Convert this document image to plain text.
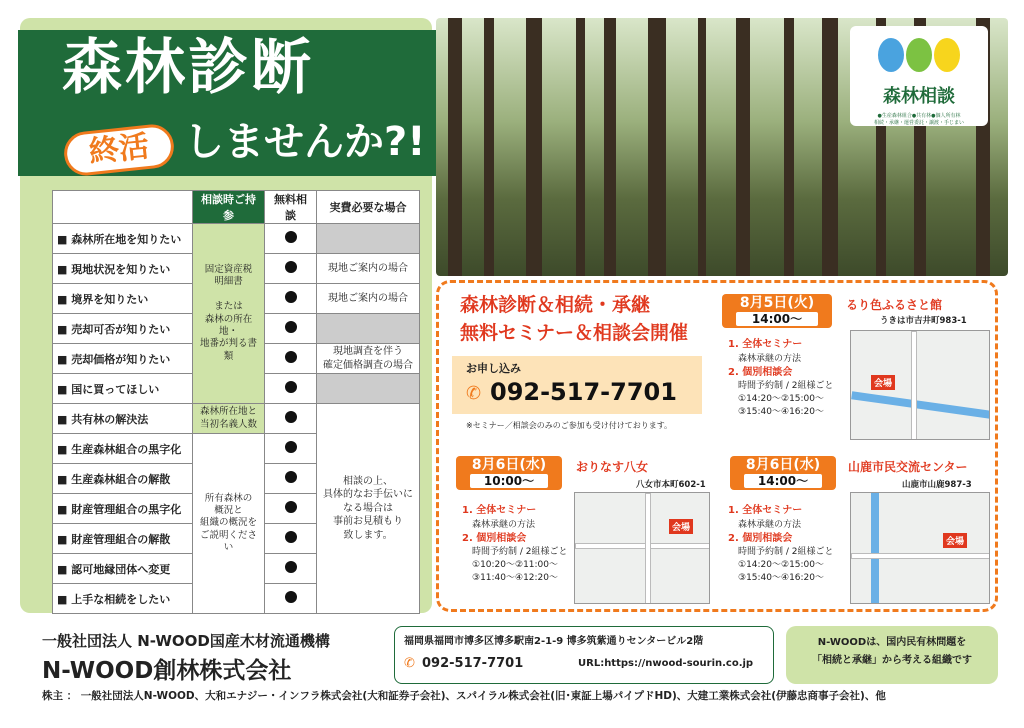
森林診断
終活 しませんか?!
	相談時ご持参	無料相談	実費必要な場合
■ 森林所在地を知りたい	固定資産税
明細書

または
森林の所在地・
地番が判る書類		
■ 現地状況を知りたい			現地ご案内の場合
■ 境界を知りたい			現地ご案内の場合
■ 売却可否が知りたい			
■ 売却価格が知りたい			現地調査を伴う
確定価格調査の場合
■ 国に買ってほしい			
■ 共有林の解決法	森林所在地と
当初名義人数		相談の上、
具体的なお手伝いに
なる場合は
事前お見積もり
致します。
■ 生産森林組合の黒字化	所有森林の
概況と
組織の概況を
ご説明ください		
■ 生産森林組合の解散			
■ 財産管理組合の黒字化			
■ 財産管理組合の解散			
■ 認可地縁団体へ変更			
■ 上手な相続をしたい			
森林相談
●生産森林組合●共有林●個人所有林
相続・承継・運営委託・譲渡・手じまい
森林診断＆相続・承継
無料セミナー＆相談会開催
お申し込み
✆ 092-517-7701
※セミナー／相談会のみのご参加も受け付けております。
8月5日(火)
14:00〜
るり色ふるさと館
うきは市吉井町983-1
1. 全体セミナー
森林承継の方法
2. 個別相談会
時間予約制 / 2組様ごと
①14:20〜②15:00〜
③15:40〜④16:20〜
会場
8月6日(水)
10:00〜
おりなす八女
八女市本町602-1
1. 全体セミナー
森林承継の方法
2. 個別相談会
時間予約制 / 2組様ごと
①10:20〜②11:00〜
③11:40〜④12:20〜
会場
8月6日(水)
14:00〜
山鹿市民交流センター
山鹿市山鹿987-3
1. 全体セミナー
森林承継の方法
2. 個別相談会
時間予約制 / 2組様ごと
①14:20〜②15:00〜
③15:40〜④16:20〜
会場
一般社団法人 N-WOOD国産木材流通機構
N-WOOD創林株式会社
福岡県福岡市博多区博多駅南2-1-9 博多筑紫通りセンタービル2階
✆ 092-517-7701	URL:https://nwood-sourin.co.jp
N-WOODは、国内民有林問題を
「相続と承継」から考える組織です
株主 ： 一般社団法人N-WOOD、大和エナジー・インフラ株式会社(大和証券子会社)、スパイラル株式会社(旧･東証上場パイプドHD)、大建工業株式会社(伊藤忠商事子会社)、他
